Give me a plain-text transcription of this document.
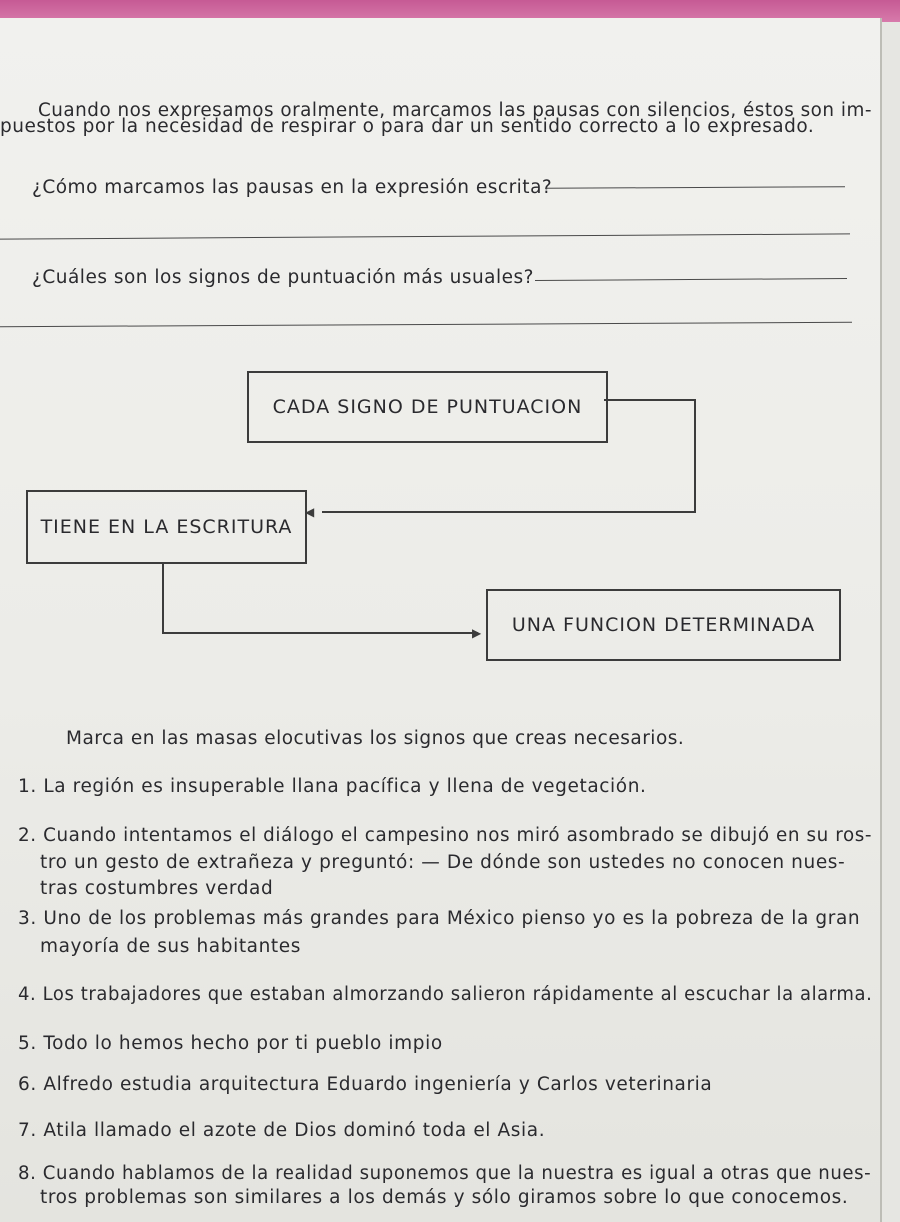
Cuando nos expresamos oralmente, marcamos las pausas con silencios, éstos son im-
puestos por la necesidad de respirar o para dar un sentido correcto a lo expresado.
¿Cómo marcamos las pausas en la expresión escrita?
¿Cuáles son los signos de puntuación más usuales?
CADA SIGNO DE PUNTUACION
◀
TIENE EN LA ESCRITURA
▶ UNA FUNCION DETERMINADA
Marca en las masas elocutivas los signos que creas necesarios.
1. La región es insuperable llana pacífica y llena de vegetación.
2. Cuando intentamos el diálogo el campesino nos miró asombrado se dibujó en su ros-
tro un gesto de extrañeza y preguntó: — De dónde son ustedes no conocen nues-
tras costumbres verdad
3. Uno de los problemas más grandes para México pienso yo es la pobreza de la gran
mayoría de sus habitantes
4. Los trabajadores que estaban almorzando salieron rápidamente al escuchar la alarma.
5. Todo lo hemos hecho por ti pueblo impio
6. Alfredo estudia arquitectura Eduardo ingeniería y Carlos veterinaria
7. Atila llamado el azote de Dios dominó toda el Asia.
8. Cuando hablamos de la realidad suponemos que la nuestra es igual a otras que nues-
tros problemas son similares a los demás y sólo giramos sobre lo que conocemos.
